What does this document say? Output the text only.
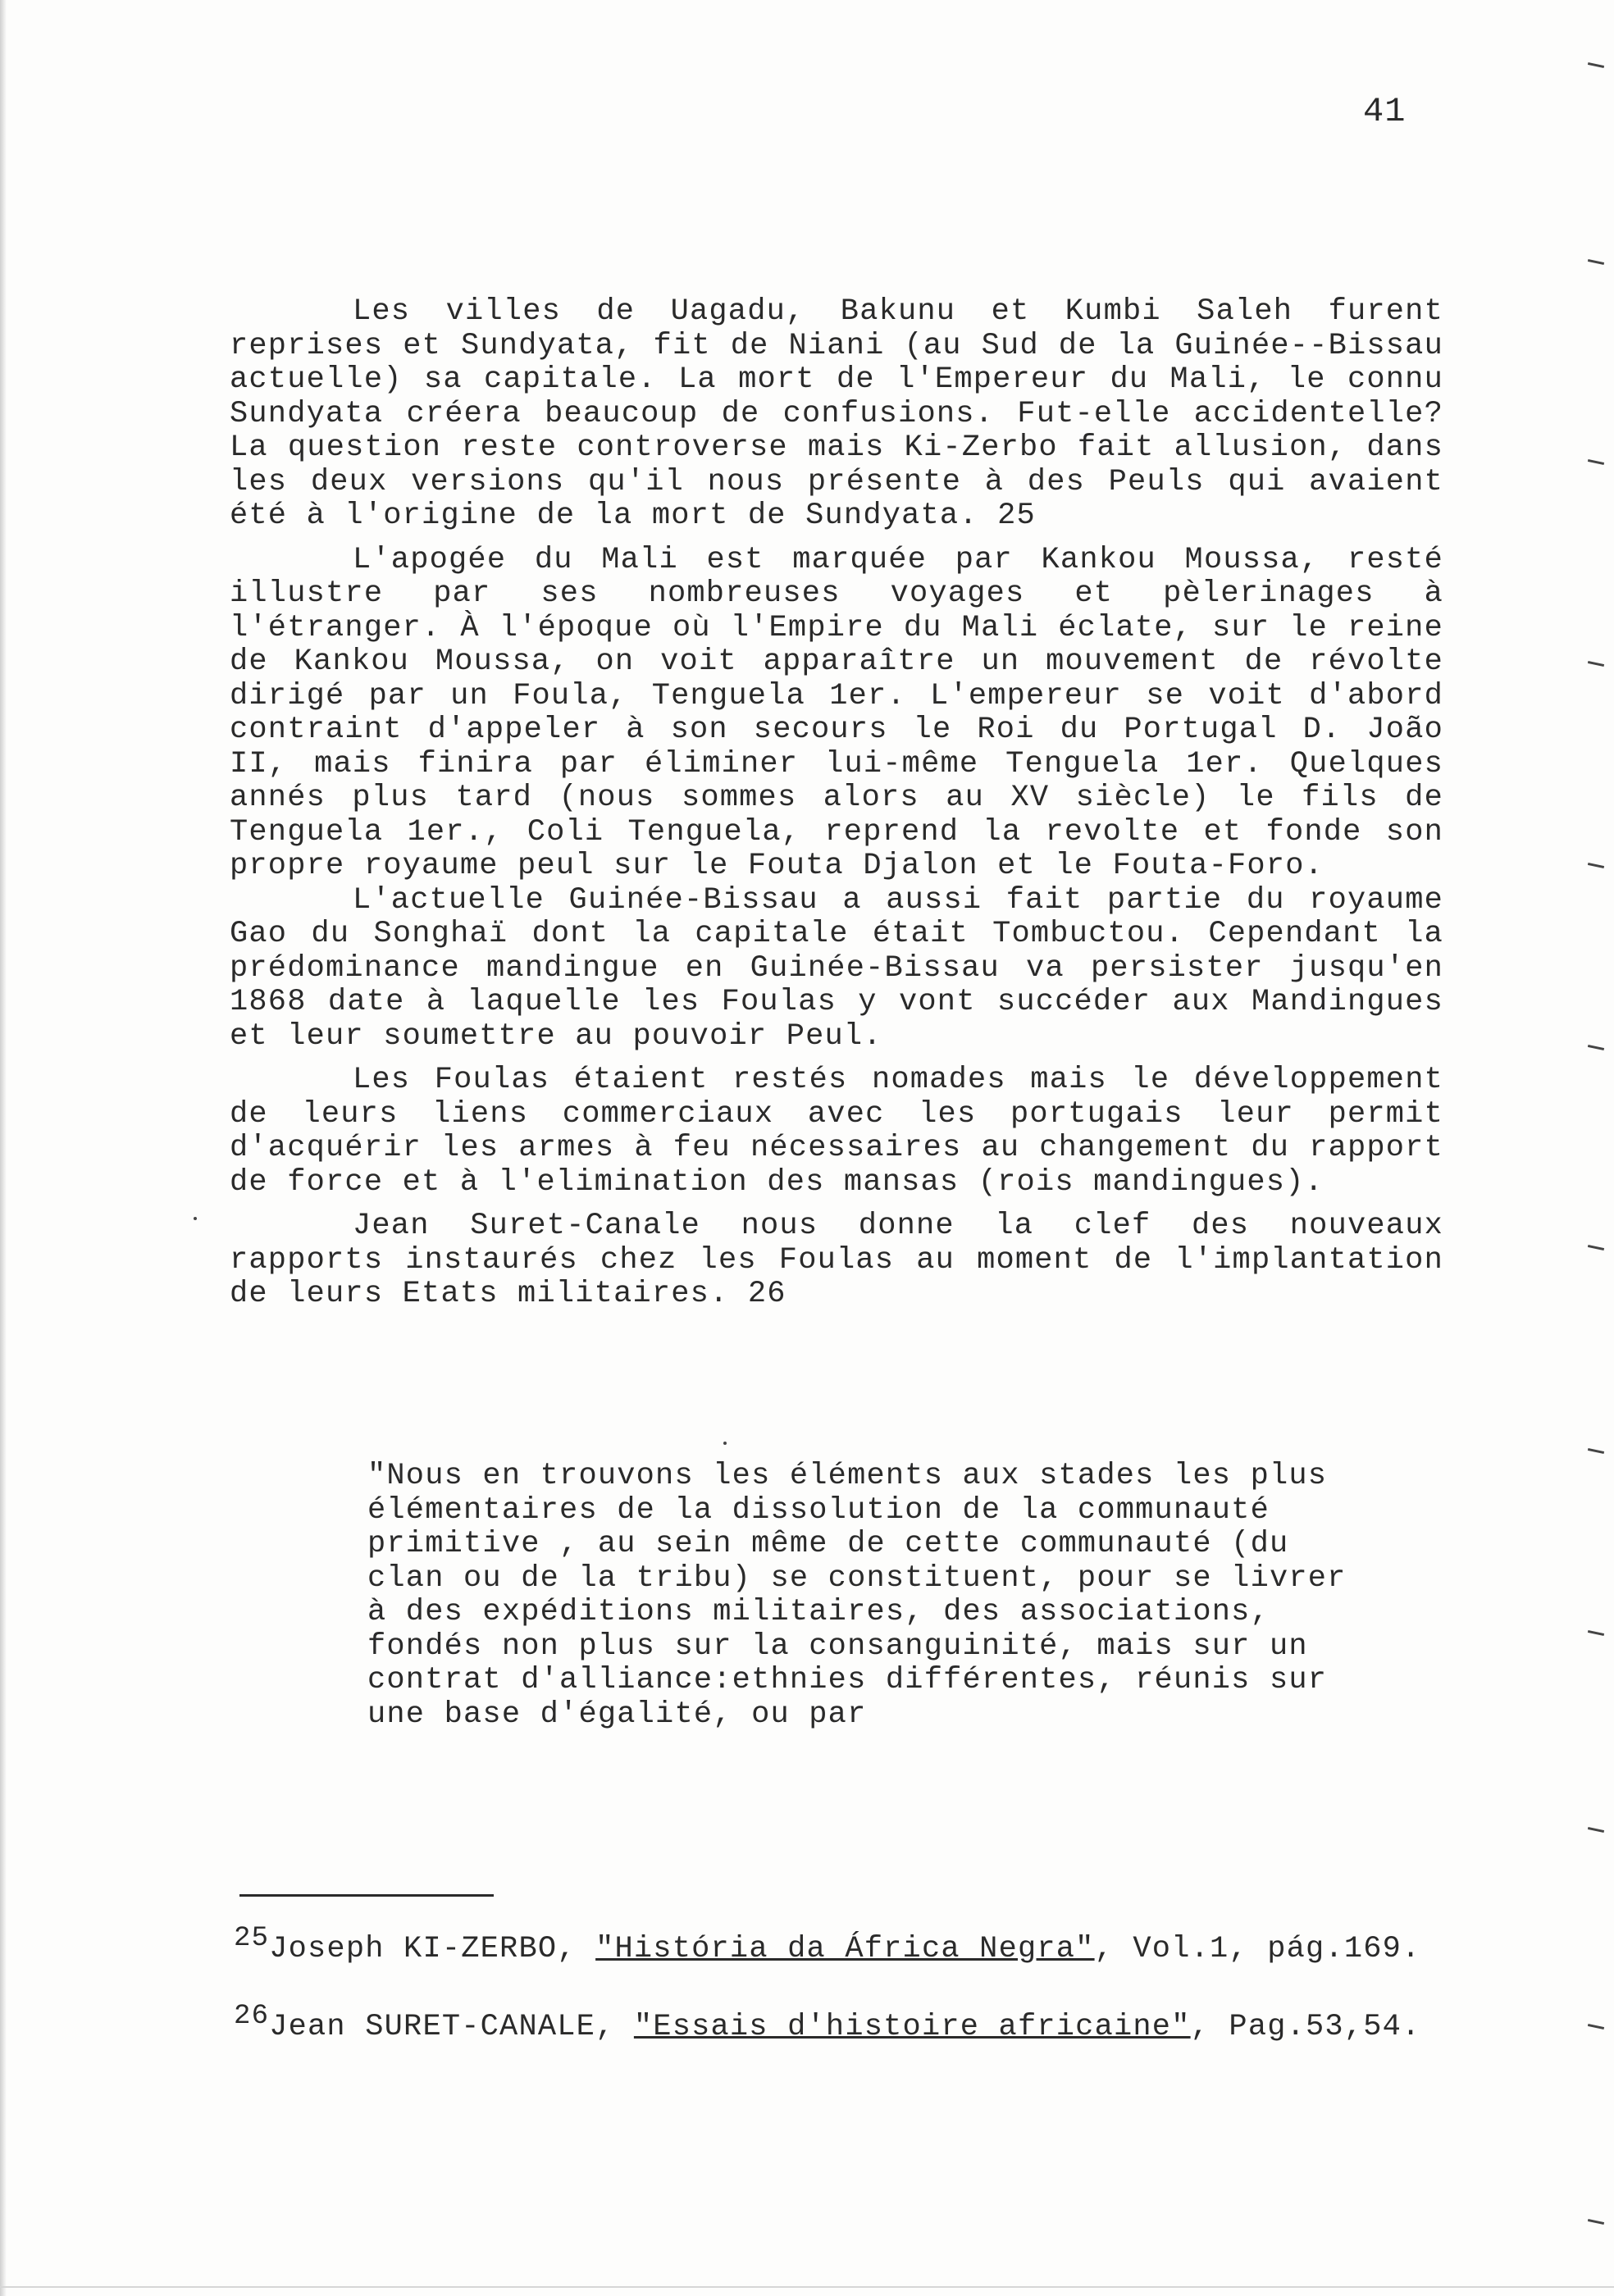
41

Les villes de Uagadu, Bakunu et Kumbi Saleh furent reprises et Sundyata, fit de Niani (au Sud de la Guinée--Bissau actuelle) sa capitale. La mort de l'Empereur du Mali, le connu Sundyata créera beaucoup de confusions. Fut-elle accidentelle? La question reste controverse mais Ki-Zerbo fait allusion, dans les deux versions qu'il nous présente à des Peuls qui avaient été à l'origine de la mort de Sundyata. 25

L'apogée du Mali est marquée par Kankou Moussa, resté illustre par ses nombreuses voyages et pèlerinages à l'étranger. À l'époque où l'Empire du Mali éclate, sur le reine de Kankou Moussa, on voit apparaître un mouvement de révolte dirigé par un Foula, Tenguela 1er. L'empereur se voit d'abord contraint d'appeler à son secours le Roi du Portugal D. João II, mais finira par éliminer lui-même Tenguela 1er. Quelques annés plus tard (nous sommes alors au XV siècle) le fils de Tenguela 1er., Coli Tenguela, reprend la revolte et fonde son propre royaume peul sur le Fouta Djalon et le Fouta-Foro.

L'actuelle Guinée-Bissau a aussi fait partie du royaume Gao du Songhaï dont la capitale était Tombuctou. Cependant la prédominance mandingue en Guinée-Bissau va persister jusqu'en 1868 date à laquelle les Foulas y vont succéder aux Mandingues et leur soumettre au pouvoir Peul.

Les Foulas étaient restés nomades mais le développement de leurs liens commerciaux avec les portugais leur permit d'acquérir les armes à feu nécessaires au changement du rapport de force et à l'elimination des mansas (rois mandingues).

Jean Suret-Canale nous donne la clef des nouveaux rapports instaurés chez les Foulas au moment de l'implantation de leurs Etats militaires. 26

"Nous en trouvons les éléments aux stades les plus élémentaires de la dissolution de la communauté primitive , au sein même de cette communauté (du clan ou de la tribu) se constituent, pour se livrer à des expéditions militaires, des associations, fondés non plus sur la consanguinité, mais sur un contrat d'alliance:ethnies différentes, réunis sur une base d'égalité, ou par
$^{25}$Joseph KI-ZERBO, "História da África Negra", Vol.1, pág.169.
$^{26}$Jean SURET-CANALE, "Essais d'histoire africaine", Pag.53,54.
